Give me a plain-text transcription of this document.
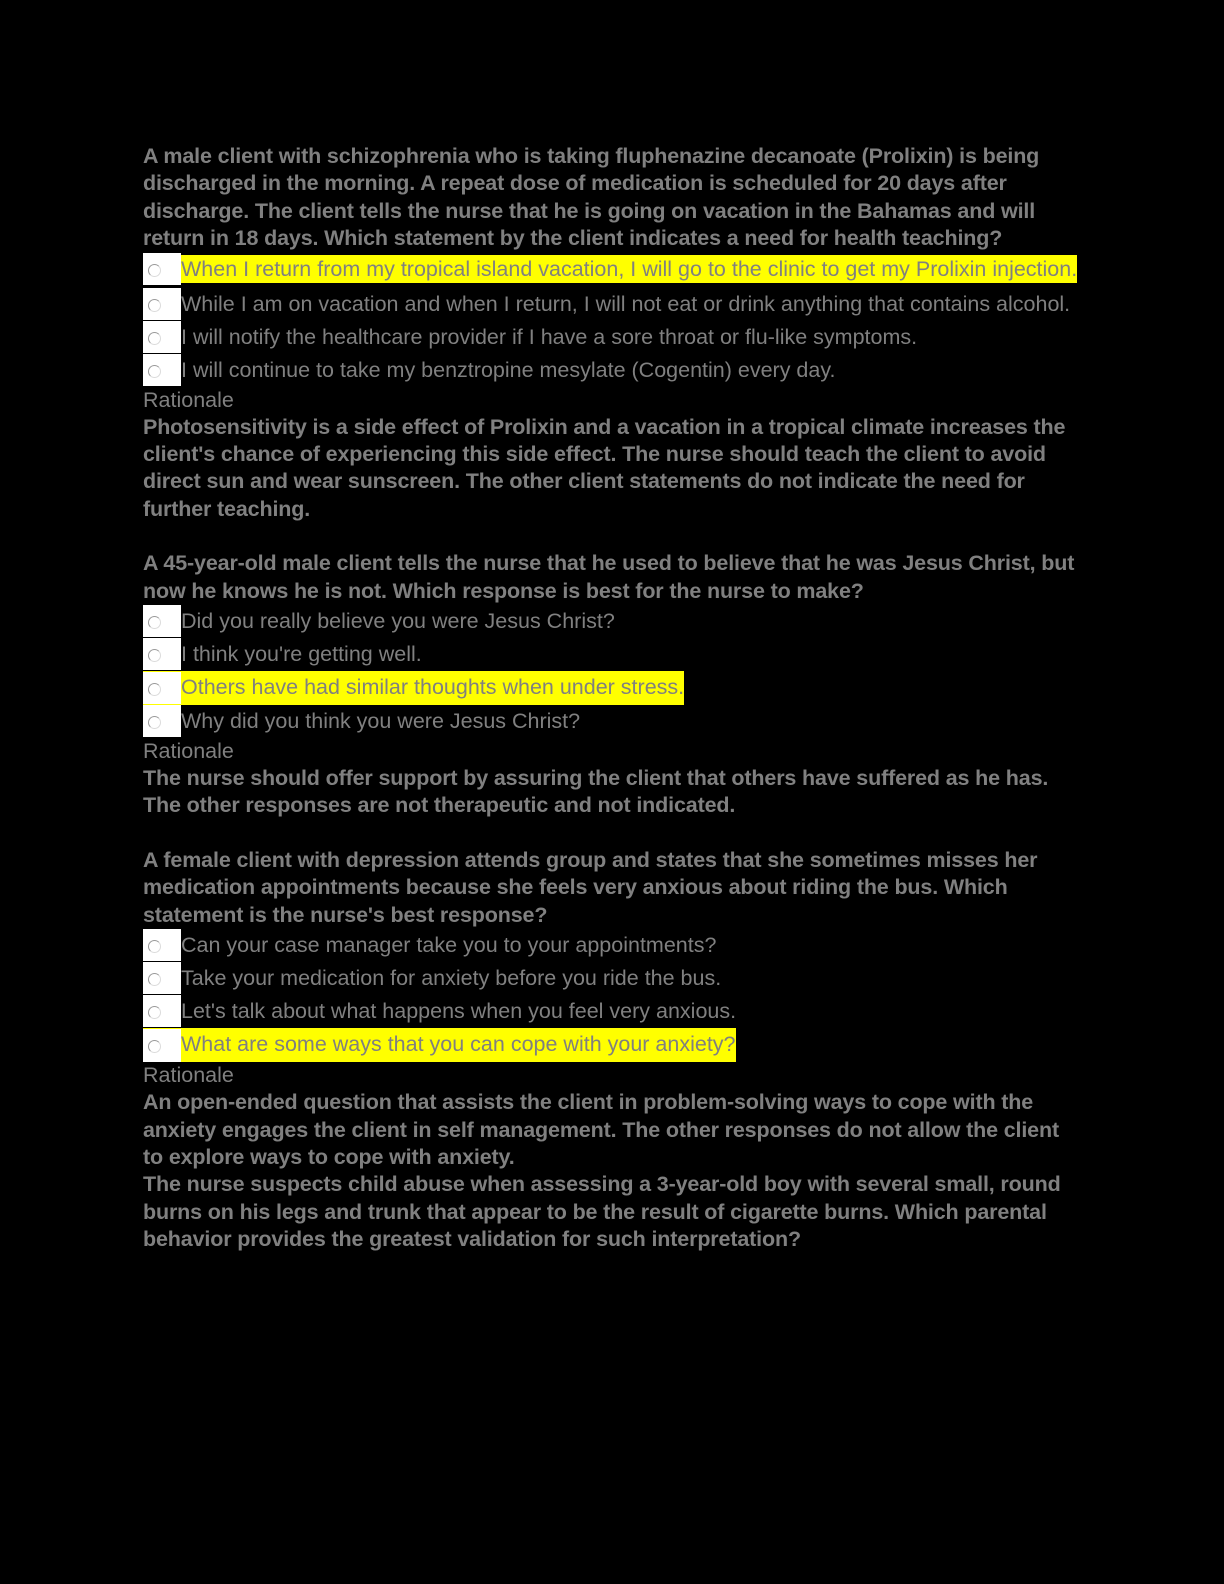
A male client with schizophrenia who is taking fluphenazine decanoate (Prolixin) is being discharged in the morning. A repeat dose of medication is scheduled for 20 days after discharge. The client tells the nurse that he is going on vacation in the Bahamas and will return in 18 days. Which statement by the client indicates a need for health teaching?

When I return from my tropical island vacation, I will go to the clinic to get my Prolixin injection.
While I am on vacation and when I return, I will not eat or drink anything that contains alcohol.
I will notify the healthcare provider if I have a sore throat or flu-like symptoms.
I will continue to take my benztropine mesylate (Cogentin) every day.

Rationale

Photosensitivity is a side effect of Prolixin and a vacation in a tropical climate increases the client's chance of experiencing this side effect. The nurse should teach the client to avoid direct sun and wear sunscreen. The other client statements do not indicate the need for further teaching.

A 45-year-old male client tells the nurse that he used to believe that he was Jesus Christ, but now he knows he is not. Which response is best for the nurse to make?

Did you really believe you were Jesus Christ?
I think you're getting well.
Others have had similar thoughts when under stress.
Why did you think you were Jesus Christ?

Rationale

The nurse should offer support by assuring the client that others have suffered as he has. The other responses are not therapeutic and not indicated.

A female client with depression attends group and states that she sometimes misses her medication appointments because she feels very anxious about riding the bus. Which statement is the nurse's best response?

Can your case manager take you to your appointments?
Take your medication for anxiety before you ride the bus.
Let's talk about what happens when you feel very anxious.
What are some ways that you can cope with your anxiety?

Rationale

An open-ended question that assists the client in problem-solving ways to cope with the anxiety engages the client in self management. The other responses do not allow the client to explore ways to cope with anxiety.

The nurse suspects child abuse when assessing a 3-year-old boy with several small, round burns on his legs and trunk that appear to be the result of cigarette burns. Which parental behavior provides the greatest validation for such interpretation?
